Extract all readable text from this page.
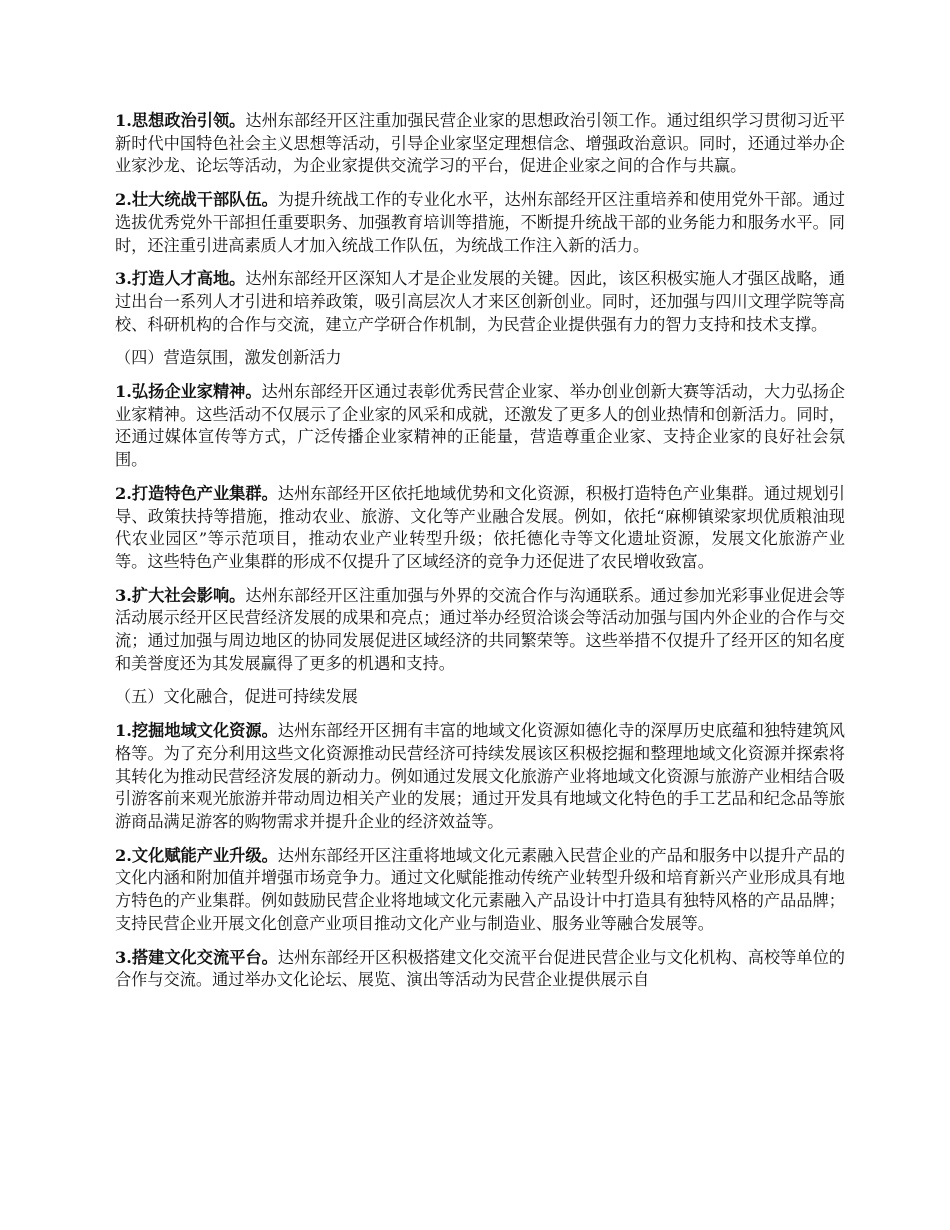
1.思想政治引领。达州东部经开区注重加强民营企业家的思想政治引领工作。通过组织学习贯彻习近平新时代中国特色社会主义思想等活动，引导企业家坚定理想信念、增强政治意识。同时，还通过举办企业家沙龙、论坛等活动，为企业家提供交流学习的平台，促进企业家之间的合作与共赢。

2.壮大统战干部队伍。为提升统战工作的专业化水平，达州东部经开区注重培养和使用党外干部。通过选拔优秀党外干部担任重要职务、加强教育培训等措施，不断提升统战干部的业务能力和服务水平。同时，还注重引进高素质人才加入统战工作队伍，为统战工作注入新的活力。

3.打造人才高地。达州东部经开区深知人才是企业发展的关键。因此，该区积极实施人才强区战略，通过出台一系列人才引进和培养政策，吸引高层次人才来区创新创业。同时，还加强与四川文理学院等高校、科研机构的合作与交流，建立产学研合作机制，为民营企业提供强有力的智力支持和技术支撑。

（四）营造氛围，激发创新活力

1.弘扬企业家精神。达州东部经开区通过表彰优秀民营企业家、举办创业创新大赛等活动，大力弘扬企业家精神。这些活动不仅展示了企业家的风采和成就，还激发了更多人的创业热情和创新活力。同时，还通过媒体宣传等方式，广泛传播企业家精神的正能量，营造尊重企业家、支持企业家的良好社会氛围。

2.打造特色产业集群。达州东部经开区依托地域优势和文化资源，积极打造特色产业集群。通过规划引导、政策扶持等措施，推动农业、旅游、文化等产业融合发展。例如，依托“麻柳镇梁家坝优质粮油现代农业园区”等示范项目，推动农业产业转型升级；依托德化寺等文化遗址资源，发展文化旅游产业等。这些特色产业集群的形成不仅提升了区域经济的竞争力还促进了农民增收致富。

3.扩大社会影响。达州东部经开区注重加强与外界的交流合作与沟通联系。通过参加光彩事业促进会等活动展示经开区民营经济发展的成果和亮点；通过举办经贸洽谈会等活动加强与国内外企业的合作与交流；通过加强与周边地区的协同发展促进区域经济的共同繁荣等。这些举措不仅提升了经开区的知名度和美誉度还为其发展赢得了更多的机遇和支持。

（五）文化融合，促进可持续发展

1.挖掘地域文化资源。达州东部经开区拥有丰富的地域文化资源如德化寺的深厚历史底蕴和独特建筑风格等。为了充分利用这些文化资源推动民营经济可持续发展该区积极挖掘和整理地域文化资源并探索将其转化为推动民营经济发展的新动力。例如通过发展文化旅游产业将地域文化资源与旅游产业相结合吸引游客前来观光旅游并带动周边相关产业的发展；通过开发具有地域文化特色的手工艺品和纪念品等旅游商品满足游客的购物需求并提升企业的经济效益等。

2.文化赋能产业升级。达州东部经开区注重将地域文化元素融入民营企业的产品和服务中以提升产品的文化内涵和附加值并增强市场竞争力。通过文化赋能推动传统产业转型升级和培育新兴产业形成具有地方特色的产业集群。例如鼓励民营企业将地域文化元素融入产品设计中打造具有独特风格的产品品牌；支持民营企业开展文化创意产业项目推动文化产业与制造业、服务业等融合发展等。

3.搭建文化交流平台。达州东部经开区积极搭建文化交流平台促进民营企业与文化机构、高校等单位的合作与交流。通过举办文化论坛、展览、演出等活动为民营企业提供展示自
